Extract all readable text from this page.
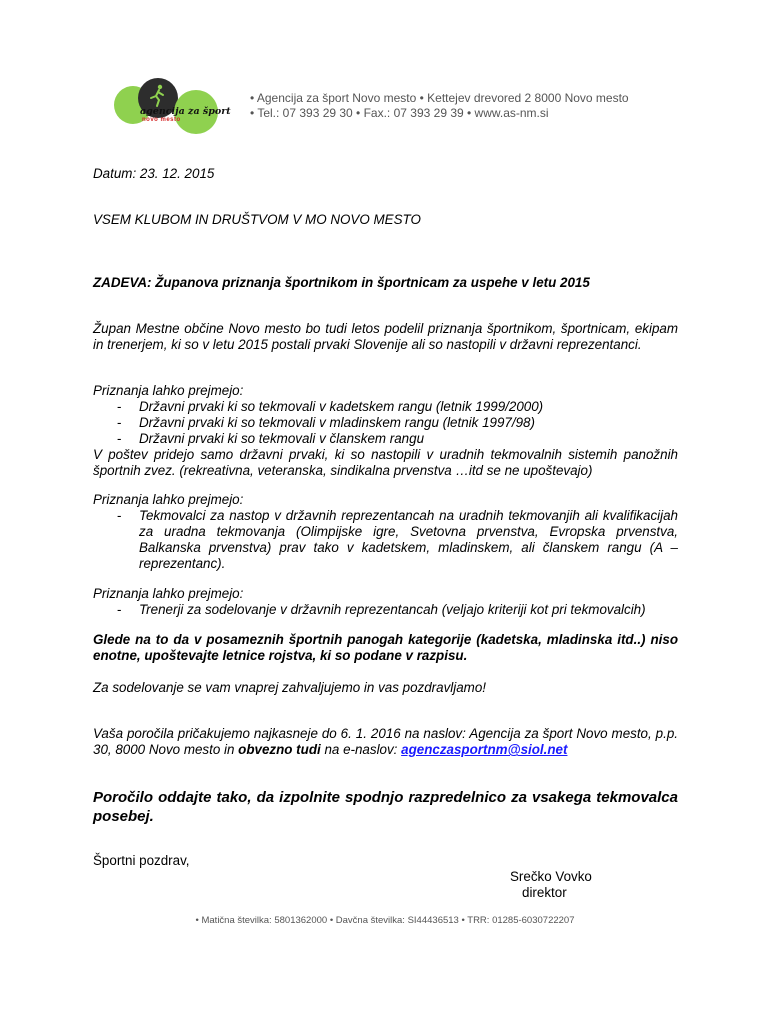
agencija za šport
novo mesto
• Agencija za šport Novo mesto • Kettejev drevored 2 8000 Novo mesto
• Tel.: 07 393 29 30 • Fax.: 07 393 29 39 • www.as-nm.si
Datum: 23. 12. 2015
VSEM KLUBOM IN DRUŠTVOM V MO NOVO MESTO
ZADEVA: Županova priznanja športnikom in športnicam za uspehe v letu 2015
Župan Mestne občine Novo mesto bo tudi letos podelil priznanja športnikom, športnicam, ekipam in trenerjem, ki so v letu 2015 postali prvaki Slovenije ali so nastopili v državni reprezentanci.
Priznanja lahko prejmejo:
- Državni prvaki ki so tekmovali v kadetskem rangu (letnik 1999/2000)
- Državni prvaki ki so tekmovali v mladinskem rangu (letnik 1997/98)
- Državni prvaki ki so tekmovali v članskem rangu
V poštev pridejo samo državni prvaki, ki so nastopili v uradnih tekmovalnih sistemih panožnih športnih zvez. (rekreativna, veteranska, sindikalna prvenstva …itd se ne upoštevajo)
Priznanja lahko prejmejo:
- Tekmovalci za nastop v državnih reprezentancah na uradnih tekmovanjih ali kvalifikacijah za uradna tekmovanja (Olimpijske igre, Svetovna prvenstva, Evropska prvenstva, Balkanska prvenstva) prav tako v kadetskem, mladinskem, ali članskem rangu (A – reprezentanc).
Priznanja lahko prejmejo:
- Trenerji za sodelovanje v državnih reprezentancah (veljajo kriteriji kot pri tekmovalcih)
Glede na to da v posameznih športnih panogah kategorije (kadetska, mladinska itd..) niso enotne, upoštevajte letnice rojstva, ki so podane v razpisu.
Za sodelovanje se vam vnaprej zahvaljujemo in vas pozdravljamo!
Vaša poročila pričakujemo najkasneje do 6. 1. 2016 na naslov: Agencija za šport Novo mesto, p.p. 30, 8000 Novo mesto in obvezno tudi na e-naslov: agenczasportnm@siol.net
Poročilo oddajte tako, da izpolnite spodnjo razpredelnico za vsakega tekmovalca posebej.
Športni pozdrav,
Srečko Vovko
direktor
• Matična številka: 5801362000 • Davčna številka: SI44436513 • TRR: 01285-6030722207
